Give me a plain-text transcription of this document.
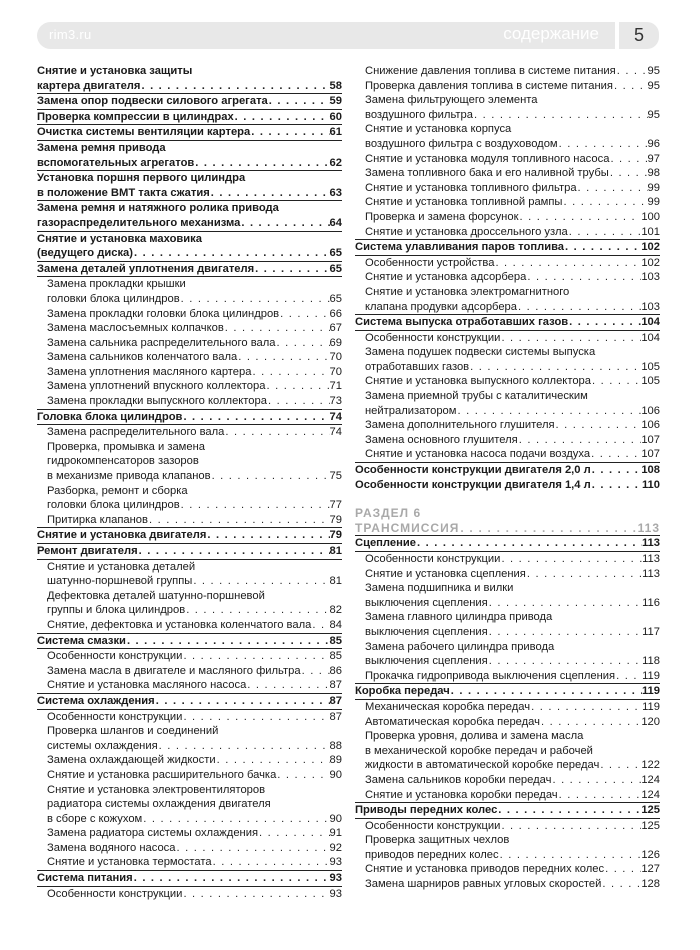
rim3.ru	содержание	5
Снятие и установка защиты
картера двигателя . . .	58
Замена опор подвески силового агрегата . . .	59
Проверка компрессии в цилиндрах . . .	60
Очистка системы вентиляции картера . . .	61
Замена ремня привода
вспомогательных агрегатов . . .	62
Установка поршня первого цилиндра
в положение ВМТ такта сжатия . . .	63
Замена ремня и натяжного ролика привода
газораспределительного механизма . . .	64
Снятие и установка маховика
(ведущего диска) . . .	65
Замена деталей уплотнения двигателя . . .	65
Замена прокладки крышки
головки блока цилиндров . . .	65
Замена прокладки головки блока цилиндров . . .	66
Замена маслосъемных колпачков . . .	67
Замена сальника распределительного вала . . .	69
Замена сальников коленчатого вала . . .	70
Замена уплотнения масляного картера . . .	70
Замена уплотнений впускного коллектора . . .	71
Замена прокладки выпускного коллектора . . .	73
Головка блока цилиндров . . .	74
Замена распределительного вала . . .	74
Проверка, промывка и замена
гидрокомпенсаторов зазоров
в механизме привода клапанов . . .	75
Разборка, ремонт и сборка
головки блока цилиндров . . .	77
Притирка клапанов . . .	79
Снятие и установка двигателя . . .	79
Ремонт двигателя . . .	81
Снятие и установка деталей
шатунно-поршневой группы . . .	81
Дефектовка деталей шатунно-поршневой
группы и блока цилиндров . . .	82
Снятие, дефектовка и установка коленчатого вала . . . 84
Система смазки . . .	85
Особенности конструкции . . .	85
Замена масла в двигателе и масляного фильтра . . .	86
Снятие и установка масляного насоса . . .	87
Система охлаждения . . .	87
Особенности конструкции . . .	87
Проверка шлангов и соединений
системы охлаждения . . .	88
Замена охлаждающей жидкости . . .	89
Снятие и установка расширительного бачка . . .	90
Снятие и установка электровентиляторов
радиатора системы охлаждения двигателя
в сборе с кожухом . . .	90
Замена радиатора системы охлаждения . . .	91
Замена водяного насоса . . .	92
Снятие и установка термостата . . .	93
Система питания . . .	93
Особенности конструкции . . .	93
Снижение давления топлива в системе питания . . .	95
Проверка давления топлива в системе питания . . .	95
Замена фильтрующего элемента
воздушного фильтра . . .	95
Снятие и установка корпуса
воздушного фильтра с воздуховодом . . .	96
Снятие и установка модуля топливного насоса . . .	97
Замена топливного бака и его наливной трубы . . .	98
Снятие и установка топливного фильтра . . .	99
Снятие и установка топливной рампы . . .	99
Проверка и замена форсунок . . .	100
Снятие и установка дроссельного узла . . .	101
Система улавливания паров топлива . . .	102
Особенности устройства . . .	102
Снятие и установка адсорбера . . .	103
Снятие и установка электромагнитного
клапана продувки адсорбера . . .	103
Система выпуска отработавших газов . . .	104
Особенности конструкции . . .	104
Замена подушек подвески системы выпуска
отработавших газов . . .	105
Снятие и установка выпускного коллектора . . .	105
Замена приемной трубы с каталитическим
нейтрализатором . . .	106
Замена дополнительного глушителя . . .	106
Замена основного глушителя . . .	107
Снятие и установка насоса подачи воздуха . . .	107
Особенности конструкции двигателя 2,0 л . . .	108
Особенности конструкции двигателя 1,4 л . . .	110
РАЗДЕЛ 6
ТРАНСМИССИЯ . . .	113
Сцепление . . .	113
Особенности конструкции . . .	113
Снятие и установка сцепления . . .	113
Замена подшипника и вилки
выключения сцепления . . .	116
Замена главного цилиндра привода
выключения сцепления . . .	117
Замена рабочего цилиндра привода
выключения сцепления . . .	118
Прокачка гидропривода выключения сцепления . . . 119
Коробка передач . . .	119
Механическая коробка передач . . .	119
Автоматическая коробка передач . . .	120
Проверка уровня, долива и замена масла
в механической коробке передач и рабочей
жидкости в автоматической коробке передач . . .	122
Замена сальников коробки передач . . .	124
Снятие и установка коробки передач . . .	124
Приводы передних колес . . .	125
Особенности конструкции . . .	125
Проверка защитных чехлов
приводов передних колес . . .	126
Снятие и установка приводов передних колес . . .	127
Замена шарниров равных угловых скоростей . . .	128
